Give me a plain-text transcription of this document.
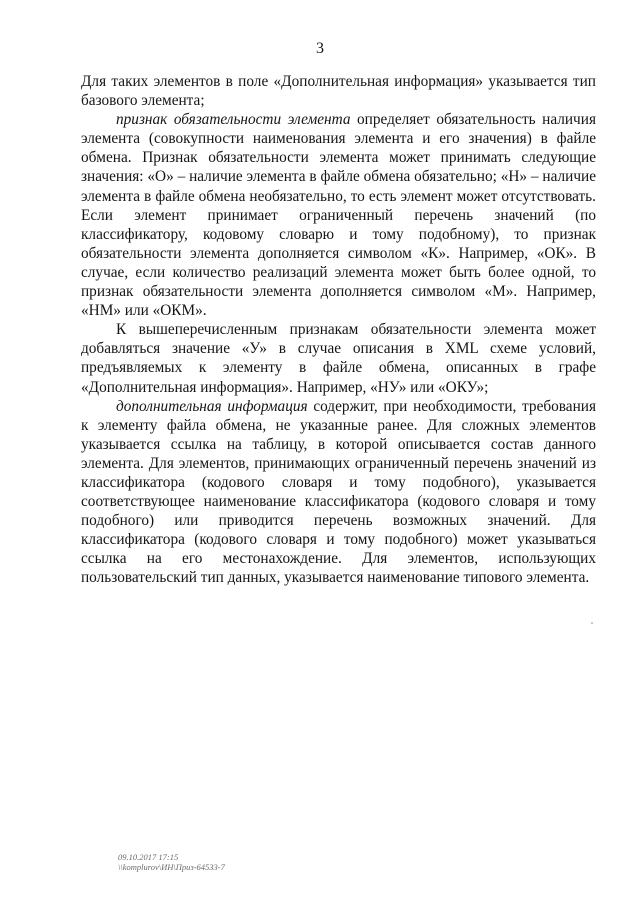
3

Для таких элементов в поле «Дополнительная информация» указывается тип базового элемента;

признак обязательности элемента определяет обязательность наличия элемента (совокупности наименования элемента и его значения) в файле обмена. Признак обязательности элемента может принимать следующие значения: «О» – наличие элемента в файле обмена обязательно; «Н» – наличие элемента в файле обмена необязательно, то есть элемент может отсутствовать. Если элемент принимает ограниченный перечень значений (по классификатору, кодовому словарю и тому подобному), то признак обязательности элемента дополняется символом «К». Например, «ОК». В случае, если количество реализаций элемента может быть более одной, то признак обязательности элемента дополняется символом «М». Например, «НМ» или «ОКМ».

К вышеперечисленным признакам обязательности элемента может добавляться значение «У» в случае описания в XML схеме условий, предъявляемых к элементу в файле обмена, описанных в графе «Дополнительная информация». Например, «НУ» или «ОКУ»;

дополнительная информация содержит, при необходимости, требования к элементу файла обмена, не указанные ранее. Для сложных элементов указывается ссылка на таблицу, в которой описывается состав данного элемента. Для элементов, принимающих ограниченный перечень значений из классификатора (кодового словаря и тому подобного), указывается соответствующее наименование классификатора (кодового словаря и тому подобного) или приводится перечень возможных значений. Для классификатора (кодового словаря и тому подобного) может указываться ссылка на его местонахождение. Для элементов, использующих пользовательский тип данных, указывается наименование типового элемента.

09.10.2017 17:15
\\komplurov\ИН\Приз-64533-7
